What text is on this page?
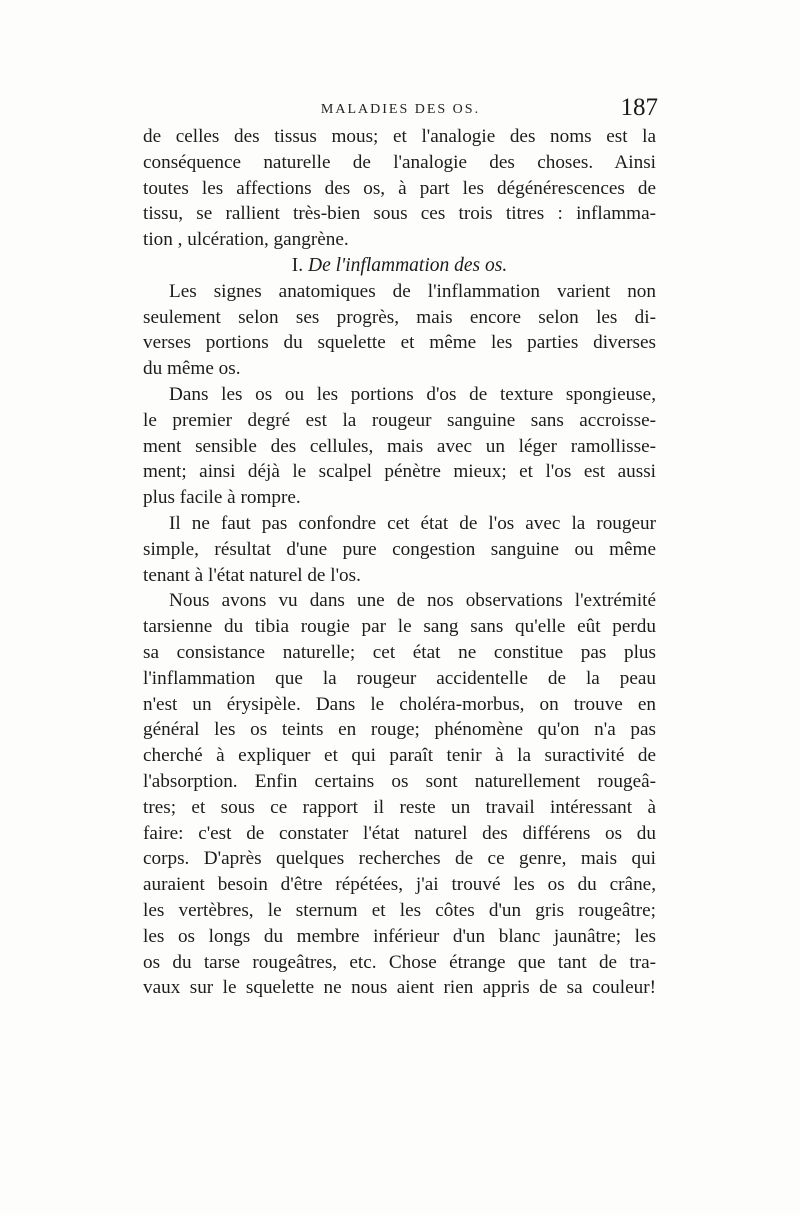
MALADIES DES OS.	187
de celles des tissus mous; et l'analogie des noms est la
conséquence naturelle de l'analogie des choses. Ainsi
toutes les affections des os, à part les dégénérescences de
tissu, se rallient très-bien sous ces trois titres : inflamma-
tion , ulcération, gangrène.
I. De l'inflammation des os.
Les signes anatomiques de l'inflammation varient non
seulement selon ses progrès, mais encore selon les di-
verses portions du squelette et même les parties diverses
du même os.
Dans les os ou les portions d'os de texture spongieuse,
le premier degré est la rougeur sanguine sans accroisse-
ment sensible des cellules, mais avec un léger ramollisse-
ment; ainsi déjà le scalpel pénètre mieux; et l'os est aussi
plus facile à rompre.
Il ne faut pas confondre cet état de l'os avec la rougeur
simple, résultat d'une pure congestion sanguine ou même
tenant à l'état naturel de l'os.
Nous avons vu dans une de nos observations l'extrémité
tarsienne du tibia rougie par le sang sans qu'elle eût perdu
sa consistance naturelle; cet état ne constitue pas plus
l'inflammation que la rougeur accidentelle de la peau
n'est un érysipèle. Dans le choléra-morbus, on trouve en
général les os teints en rouge; phénomène qu'on n'a pas
cherché à expliquer et qui paraît tenir à la suractivité de
l'absorption. Enfin certains os sont naturellement rougeâ-
tres; et sous ce rapport il reste un travail intéressant à
faire: c'est de constater l'état naturel des différens os du
corps. D'après quelques recherches de ce genre, mais qui
auraient besoin d'être répétées, j'ai trouvé les os du crâne,
les vertèbres, le sternum et les côtes d'un gris rougeâtre;
les os longs du membre inférieur d'un blanc jaunâtre; les
os du tarse rougeâtres, etc. Chose étrange que tant de tra-
vaux sur le squelette ne nous aient rien appris de sa couleur!
